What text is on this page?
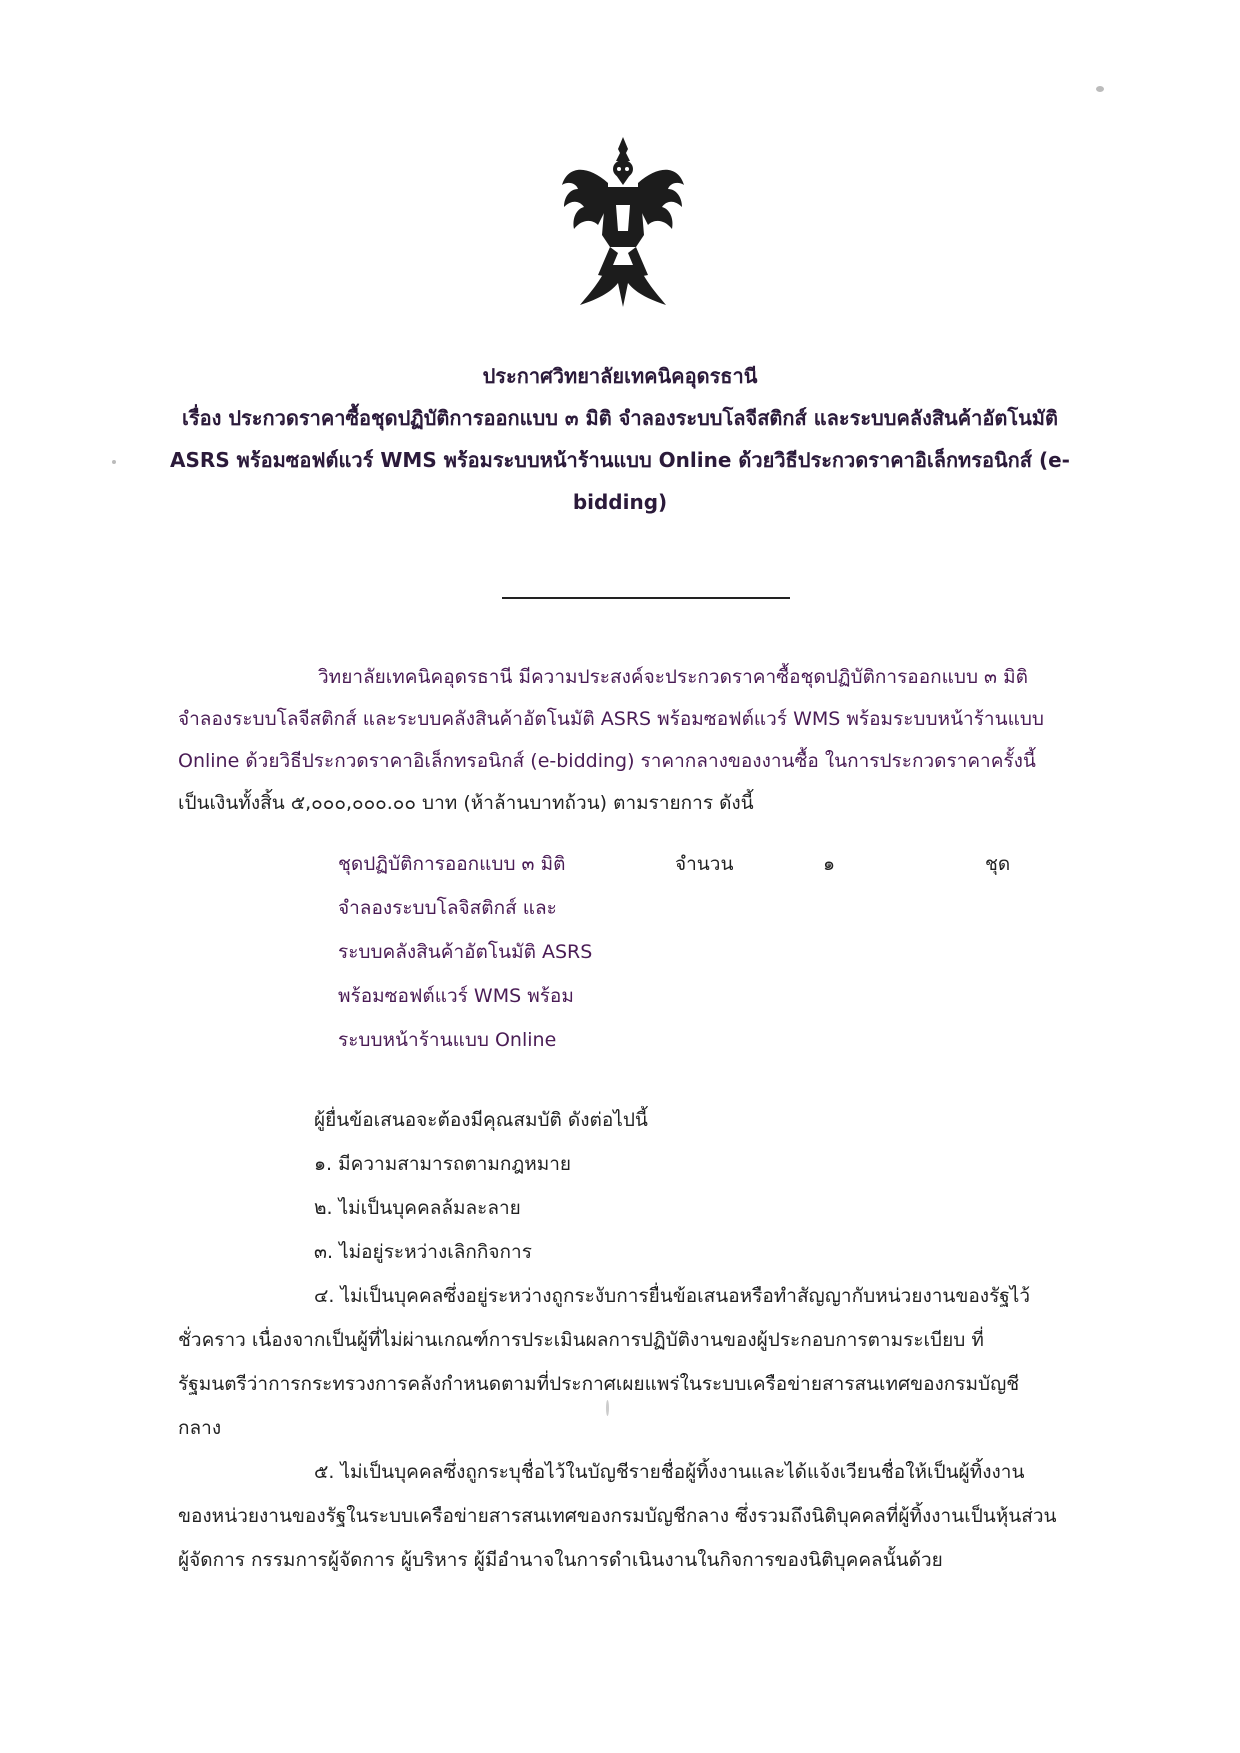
ประกาศวิทยาลัยเทคนิคอุดรธานี
เรื่อง ประกวดราคาซื้อชุดปฏิบัติการออกแบบ ๓ มิติ จำลองระบบโลจีสติกส์ และระบบคลังสินค้าอัตโนมัติ
ASRS พร้อมซอฟต์แวร์ WMS พร้อมระบบหน้าร้านแบบ Online ด้วยวิธีประกวดราคาอิเล็กทรอนิกส์ (e-
bidding)

วิทยาลัยเทคนิคอุดรธานี มีความประสงค์จะประกวดราคาซื้อชุดปฏิบัติการออกแบบ ๓ มิติ

จำลองระบบโลจีสติกส์ และระบบคลังสินค้าอัตโนมัติ ASRS พร้อมซอฟต์แวร์ WMS พร้อมระบบหน้าร้านแบบ

Online ด้วยวิธีประกวดราคาอิเล็กทรอนิกส์ (e-bidding) ราคากลางของงานซื้อ ในการประกวดราคาครั้งนี้

เป็นเงินทั้งสิ้น ๕,๐๐๐,๐๐๐.๐๐ บาท (ห้าล้านบาทถ้วน) ตามรายการ ดังนี้

ชุดปฏิบัติการออกแบบ ๓ มิติ
จำลองระบบโลจิสติกส์ และ
ระบบคลังสินค้าอัตโนมัติ ASRS
พร้อมซอฟต์แวร์ WMS พร้อม
ระบบหน้าร้านแบบ Online
จำนวน	๑	ชุด

ผู้ยื่นข้อเสนอจะต้องมีคุณสมบัติ ดังต่อไปนี้

๑. มีความสามารถตามกฎหมาย

๒. ไม่เป็นบุคคลล้มละลาย

๓. ไม่อยู่ระหว่างเลิกกิจการ

๔. ไม่เป็นบุคคลซึ่งอยู่ระหว่างถูกระงับการยื่นข้อเสนอหรือทำสัญญากับหน่วยงานของรัฐไว้

ชั่วคราว เนื่องจากเป็นผู้ที่ไม่ผ่านเกณฑ์การประเมินผลการปฏิบัติงานของผู้ประกอบการตามระเบียบ ที่

รัฐมนตรีว่าการกระทรวงการคลังกำหนดตามที่ประกาศเผยแพร่ในระบบเครือข่ายสารสนเทศของกรมบัญชี

กลาง

๕. ไม่เป็นบุคคลซึ่งถูกระบุชื่อไว้ในบัญชีรายชื่อผู้ทิ้งงานและได้แจ้งเวียนชื่อให้เป็นผู้ทิ้งงาน

ของหน่วยงานของรัฐในระบบเครือข่ายสารสนเทศของกรมบัญชีกลาง ซึ่งรวมถึงนิติบุคคลที่ผู้ทิ้งงานเป็นหุ้นส่วน

ผู้จัดการ กรรมการผู้จัดการ ผู้บริหาร ผู้มีอำนาจในการดำเนินงานในกิจการของนิติบุคคลนั้นด้วย
